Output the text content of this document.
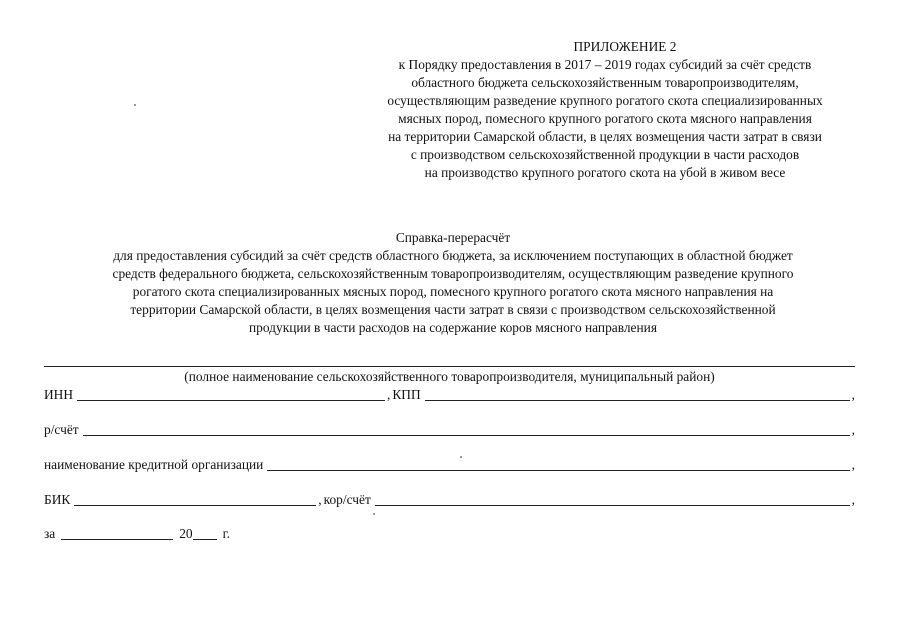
ПРИЛОЖЕНИЕ 2
к Порядку предоставления в 2017 – 2019 годах субсидий за счёт средств
областного бюджета сельскохозяйственным товаропроизводителям,
осуществляющим разведение крупного рогатого скота специализированных
мясных пород, помесного крупного рогатого скота мясного направления
на территории Самарской области, в целях возмещения части затрат в связи
с производством сельскохозяйственной продукции в части расходов
на производство крупного рогатого скота на убой в живом весе
Справка-перерасчёт
для предоставления субсидий за счёт средств областного бюджета, за исключением поступающих в областной бюджет
средств федерального бюджета, сельскохозяйственным товаропроизводителям, осуществляющим разведение крупного
рогатого скота специализированных мясных пород, помесного крупного рогатого скота мясного направления на
территории Самарской области, в целях возмещения части затрат в связи с производством сельскохозяйственной
продукции в части расходов на содержание коров мясного направления
(полное наименование сельскохозяйственного товаропроизводителя, муниципальный район)
ИНН	, КПП	,
р/счёт	,
наименование кредитной организации	,
БИК	, кор/счёт	,
за	20	г.
